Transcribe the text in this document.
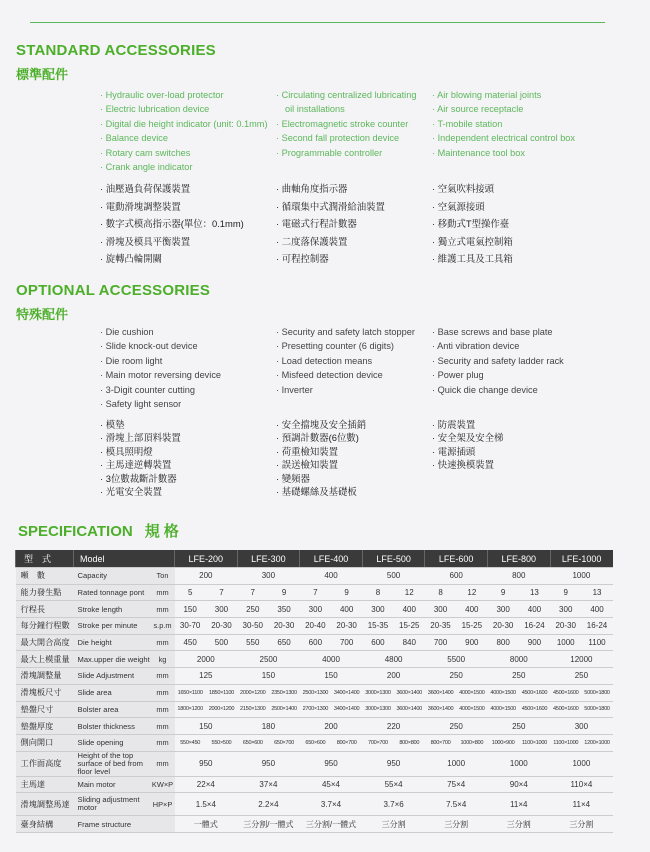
STANDARD ACCESSORIES
標準配件
· Hydraulic over-load protector
· Electric lubrication device
· Digital die height indicator (unit: 0.1mm)
· Balance device
· Rotary cam switches
· Crank angle indicator
· Circulating centralized lubricating
oil installations
· Electromagnetic stroke counter
· Second fall protection device
· Programmable controller
· Air blowing material joints
· Air source receptacle
· T-mobile station
· Independent electrical control box
· Maintenance tool box
· 油壓過負荷保護裝置
· 電動滑塊調整裝置
· 數字式模高指示器(單位：0.1mm)
· 滑塊及模具平衡裝置
· 旋轉凸輪開關
· 曲軸角度指示器
· 循環集中式潤滑給油裝置
· 電磁式行程計數器
· 二度落保護裝置
· 可程控制器
· 空氣吹料接頭
· 空氣源接頭
· 移動式T型操作臺
· 獨立式電氣控制箱
· 維護工具及工具箱
OPTIONAL ACCESSORIES
特殊配件
· Die cushion
· Slide knock-out device
· Die room light
· Main motor reversing device
· 3-Digit counter cutting
· Safety light sensor
· Security and safety latch stopper
· Presetting counter (6 digits)
· Load detection means
· Misfeed detection device
· Inverter
· Base screws and base plate
· Anti vibration device
· Security and safety ladder rack
· Power plug
· Quick die change device
· 模墊
· 滑塊上部頂料裝置
· 模具照明燈
· 主馬達逆轉裝置
· 3位數裁斷計數器
· 光電安全裝置
· 安全擋塊及安全插銷
· 預調計數器(6位數)
· 荷重檢知裝置
· 誤送檢知裝置
· 變頻器
· 基礎螺絲及基礎板
· 防震裝置
· 安全架及安全梯
· 電源插頭
· 快速換模裝置
SPECIFICATION 規格
型　式	Model		LFE-200		LFE-300		LFE-400		LFE-500		LFE-600		LFE-800		LFE-1000	
噸　數	Capacity	Ton	200		300		400		500		600		800		1000	
能力發生點	Rated tonnage pont	mm	5	7	7	9	7	9	8	12	8	12	9	13	9	13
行程長	Stroke length	mm	150	300	250	350	300	400	300	400	300	400	300	400	300	400
每分鐘行程數	Stroke per minute	s.p.m	30-70	20-30	30-50	20-30	20-40	20-30	15-35	15-25	20-35	15-25	20-30	16-24	20-30	16-24
最大開合高度	Die height	mm	450	500	550	650	600	700	600	840	700	900	800	900	1000	1100
最大上模重量	Max.upper die weight	kg	2000		2500		4000		4800		5500		8000		12000	
滑塊調整量	Slide Adjustment	mm	125		150		150		200		250		250		250	
滑塊板尺寸	Slide area	mm	1650×1100	1850×1100	2000×1200	2350×1300	2500×1300	3400×1400	3000×1300	3600×1400	3600×1400	4000×1500	4000×1500	4500×1600	4500×1600	5000×1800
墊盤尺寸	Bolster area	mm	1800×1200	2000×1200	2150×1300	2500×1400	2700×1300	3400×1400	3000×1300	3600×1400	3600×1400	4000×1500	4000×1500	4500×1600	4500×1600	5000×1800
墊盤厚度	Bolster thickness	mm	150		180		200		220		250		250		300	
側向開口	Slide opening	mm	550×450	550×500	650×600	650×700	650×600	800×700	700×700	800×800	800×700	1000×800	1000×900	1100×1000	1100×1000	1200×1000
工作面高度	Height of the top surface of bed from floor level	mm	950		950		950		950		1000		1000		1000	
主馬達	Main motor	KW×P	22×4		37×4		45×4		55×4		75×4		90×4		110×4	
滑塊調整馬達	Sliding adjustment motor	HP×P	1.5×4		2.2×4		3.7×4		3.7×6		7.5×4		11×4		11×4	
臺身結構	Frame structure		一體式		三分割/一體式		三分割/一體式		三分割		三分割		三分割		三分割	
